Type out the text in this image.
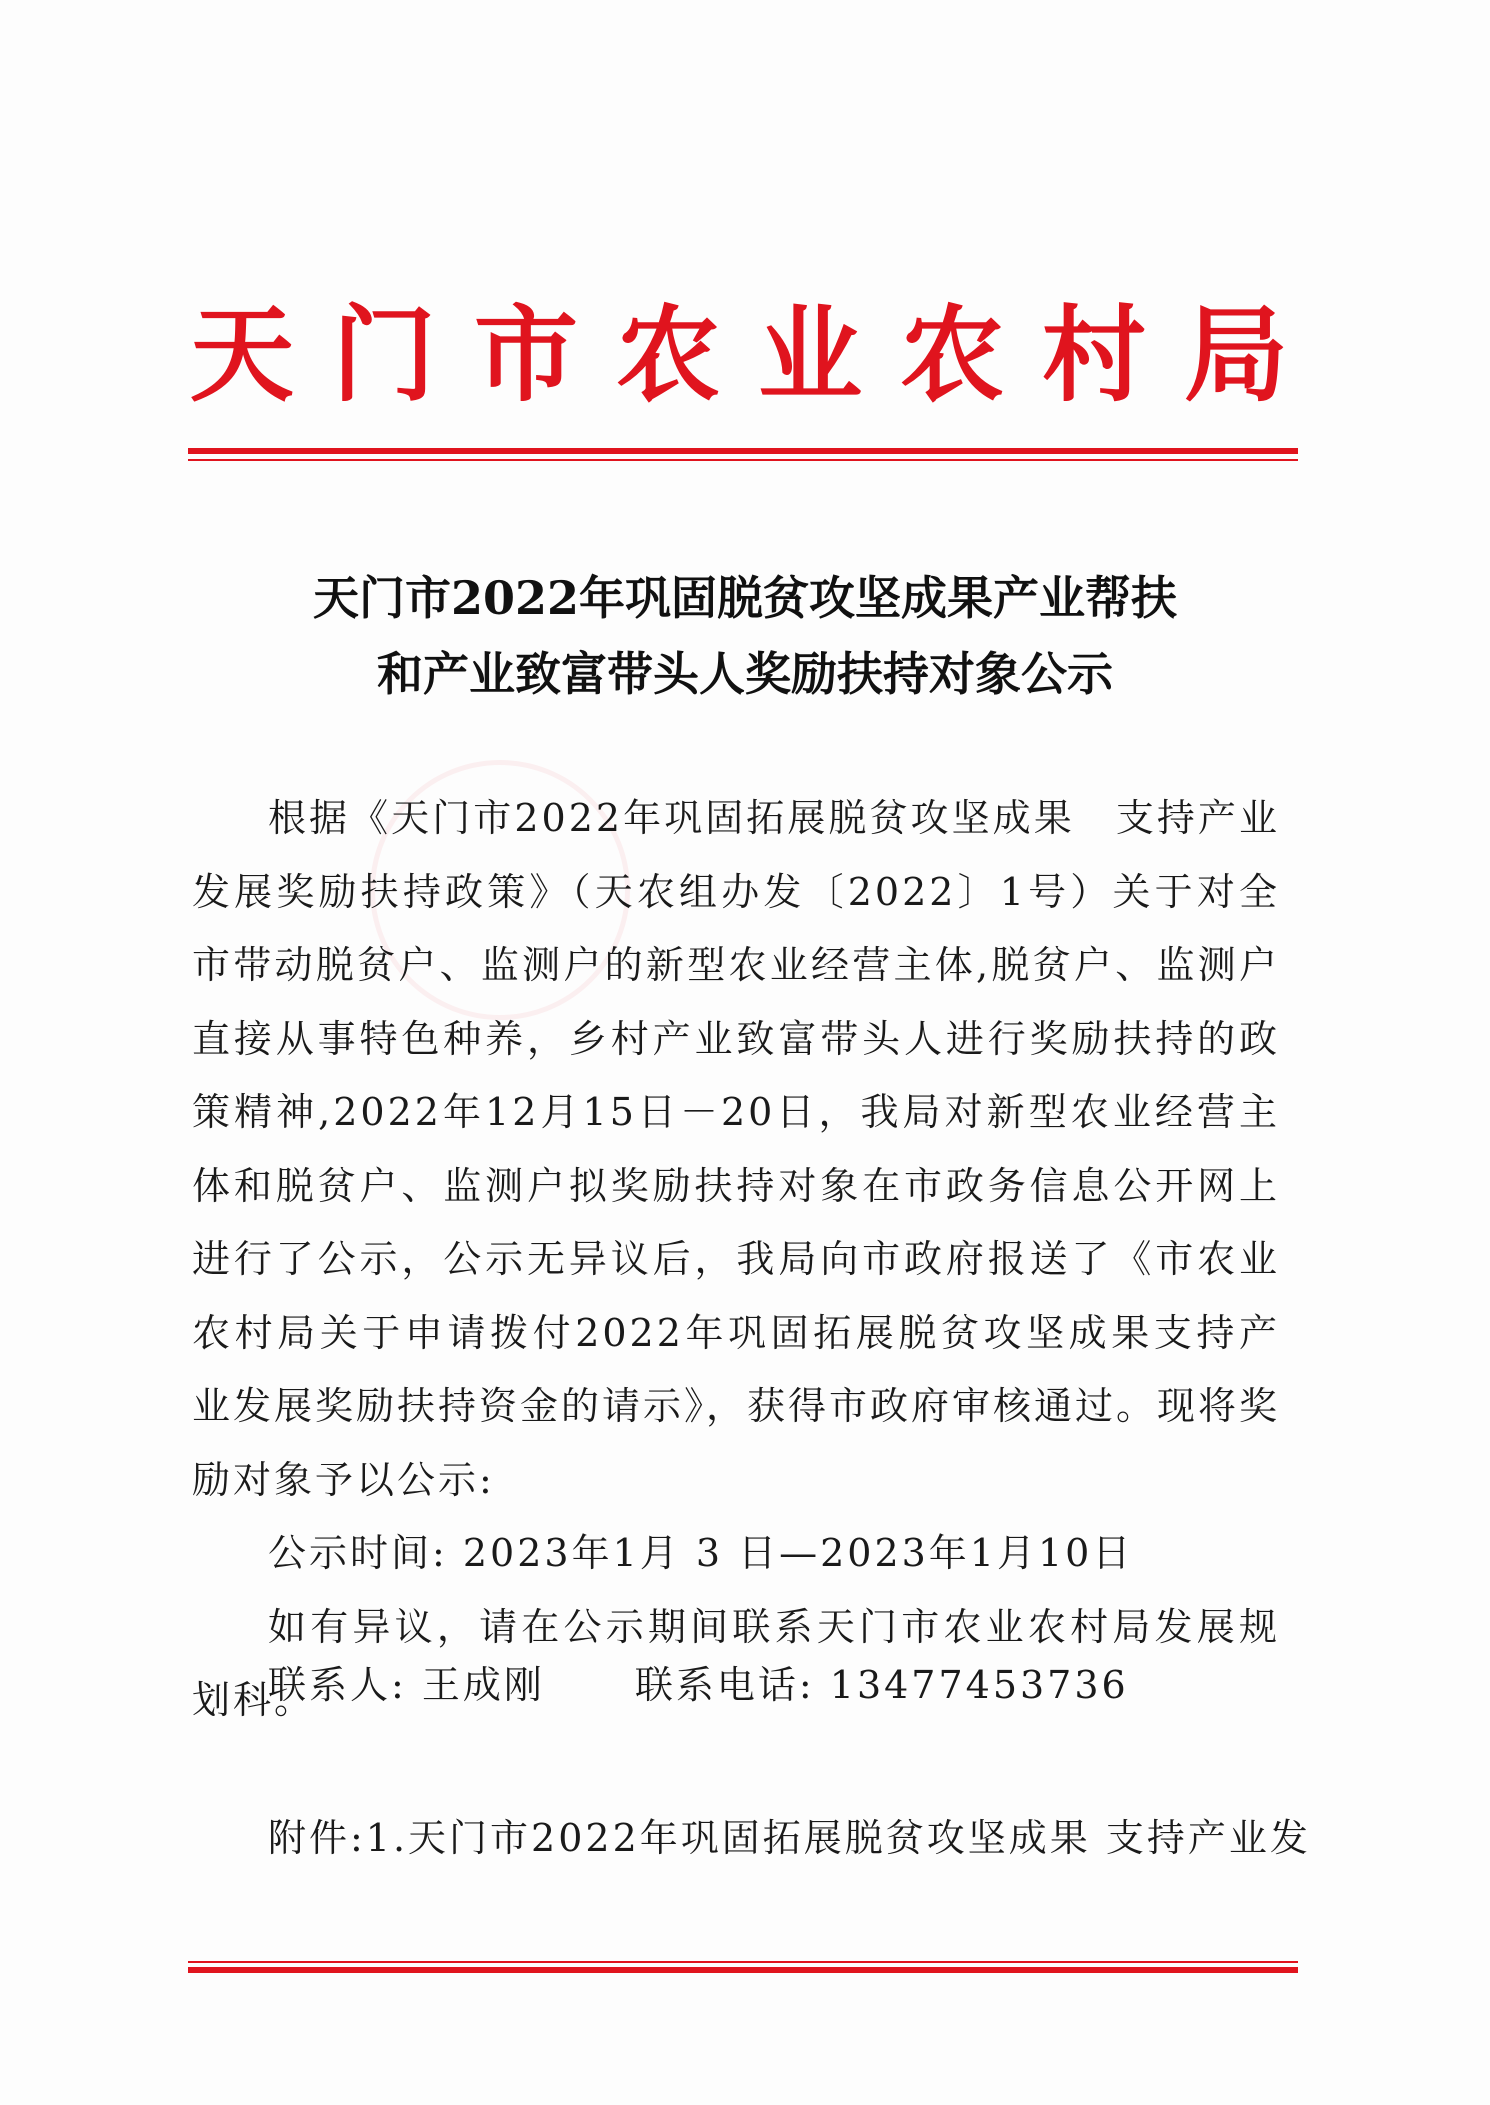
天门市农业农村局
天门市2022年巩固脱贫攻坚成果产业帮扶
和产业致富带头人奖励扶持对象公示

根据《天门市2022年巩固拓展脱贫攻坚成果　支持产业发展奖励扶持政策》（天农组办发〔2022〕1号）关于对全市带动脱贫户、监测户的新型农业经营主体,脱贫户、监测户直接从事特色种养，乡村产业致富带头人进行奖励扶持的政策精神,2022年12月15日－20日，我局对新型农业经营主体和脱贫户、监测户拟奖励扶持对象在市政务信息公开网上进行了公示，公示无异议后，我局向市政府报送了《市农业农村局关于申请拨付2022年巩固拓展脱贫攻坚成果支持产业发展奖励扶持资金的请示》，获得市政府审核通过。现将奖励对象予以公示:

公示时间: 2023年1月 3 日—2023年1月10日

如有异议，请在公示期间联系天门市农业农村局发展规划科。

联系人: 王成刚 联系电话: 13477453736
附件:1.天门市2022年巩固拓展脱贫攻坚成果 支持产业发
